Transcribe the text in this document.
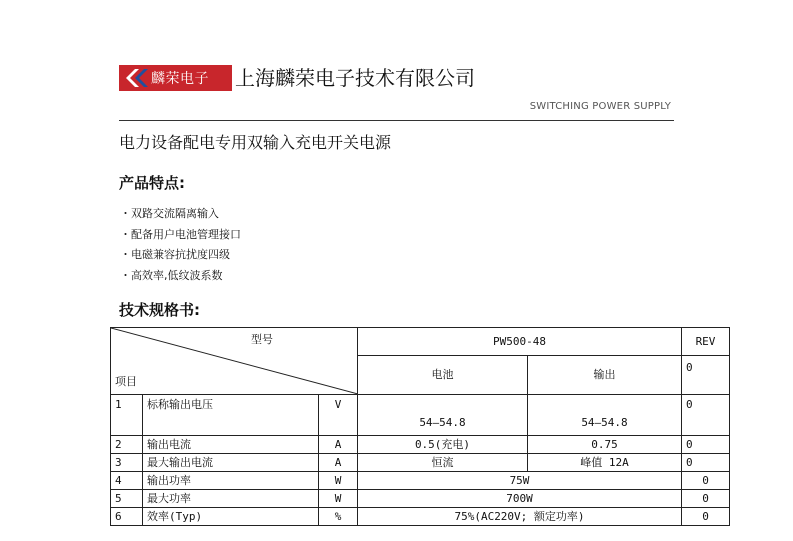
麟荣电子 上海麟荣电子技术有限公司
SWITCHING POWER SUPPLY
电力设备配电专用双输入充电开关电源
产品特点:
・双路交流隔离输入
・配备用户电池管理接口
・电磁兼容抗扰度四级
・高效率,低纹波系数
技术规格书:
型号
项目			PW500-48		REV
			电池	输出	0
1	标称输出电压	V	54—54.8	54—54.8	0
2	输出电流	A	0.5(充电)	0.75	0
3	最大输出电流	A	恒流	峰值 12A	0
4	输出功率	W	75W		0
5	最大功率	W	700W		0
6	效率(Typ)	%	75%(AC220V; 额定功率)		0
